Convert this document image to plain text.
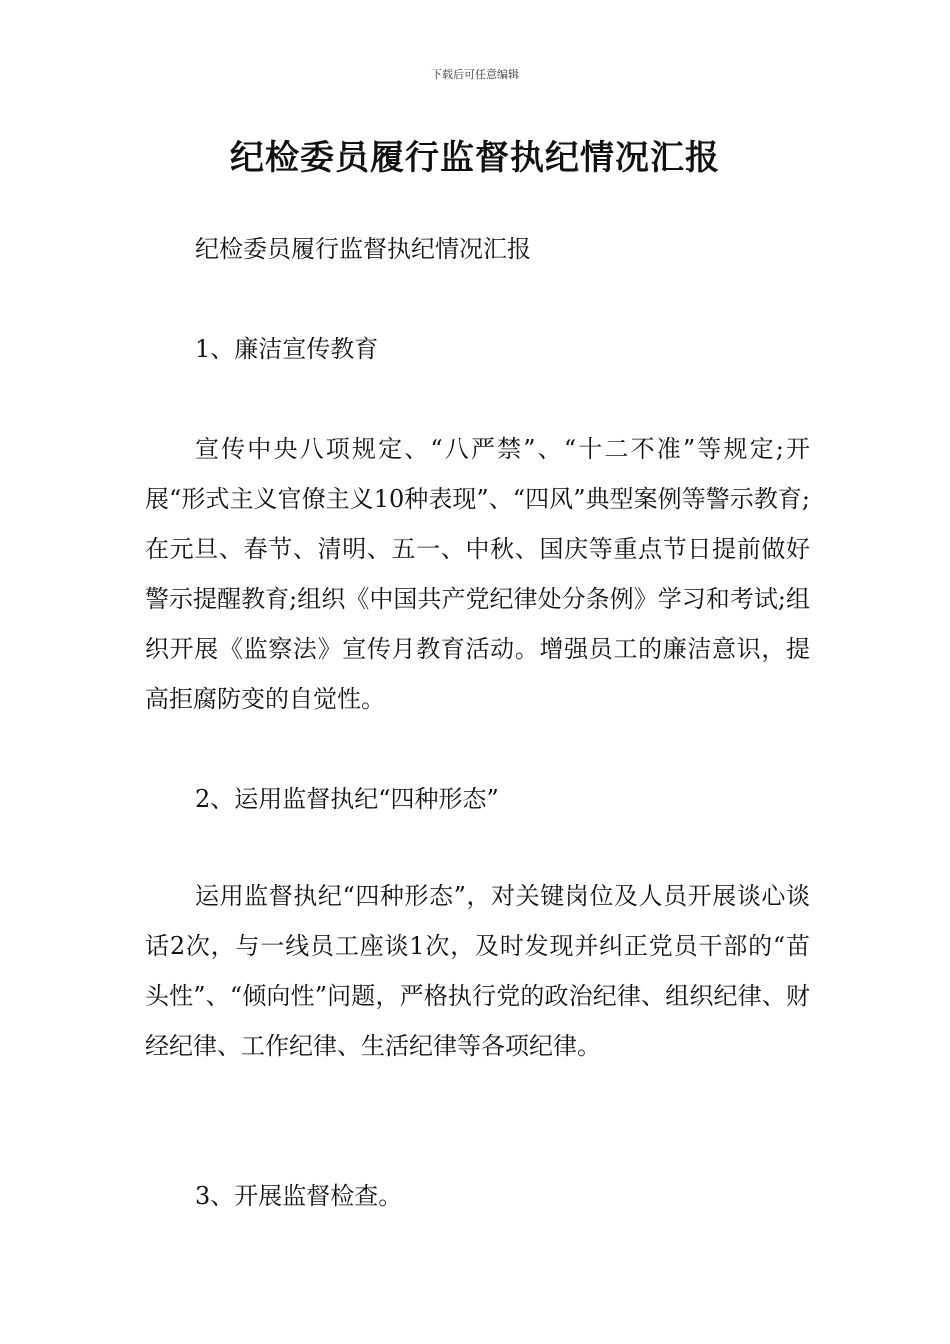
下载后可任意编辑
纪检委员履行监督执纪情况汇报

纪检委员履行监督执纪情况汇报

1、廉洁宣传教育

宣传中央八项规定、“八严禁”、“十二不准”等规定;开展“形式主义官僚主义10种表现”、“四风”典型案例等警示教育;在元旦、春节、清明、五一、中秋、国庆等重点节日提前做好警示提醒教育;组织《中国共产党纪律处分条例》学习和考试;组织开展《监察法》宣传月教育活动。增强员工的廉洁意识，提高拒腐防变的自觉性。

2、运用监督执纪“四种形态”

运用监督执纪“四种形态”，对关键岗位及人员开展谈心谈话2次，与一线员工座谈1次，及时发现并纠正党员干部的“苗头性”、“倾向性”问题，严格执行党的政治纪律、组织纪律、财经纪律、工作纪律、生活纪律等各项纪律。

3、开展监督检查。
